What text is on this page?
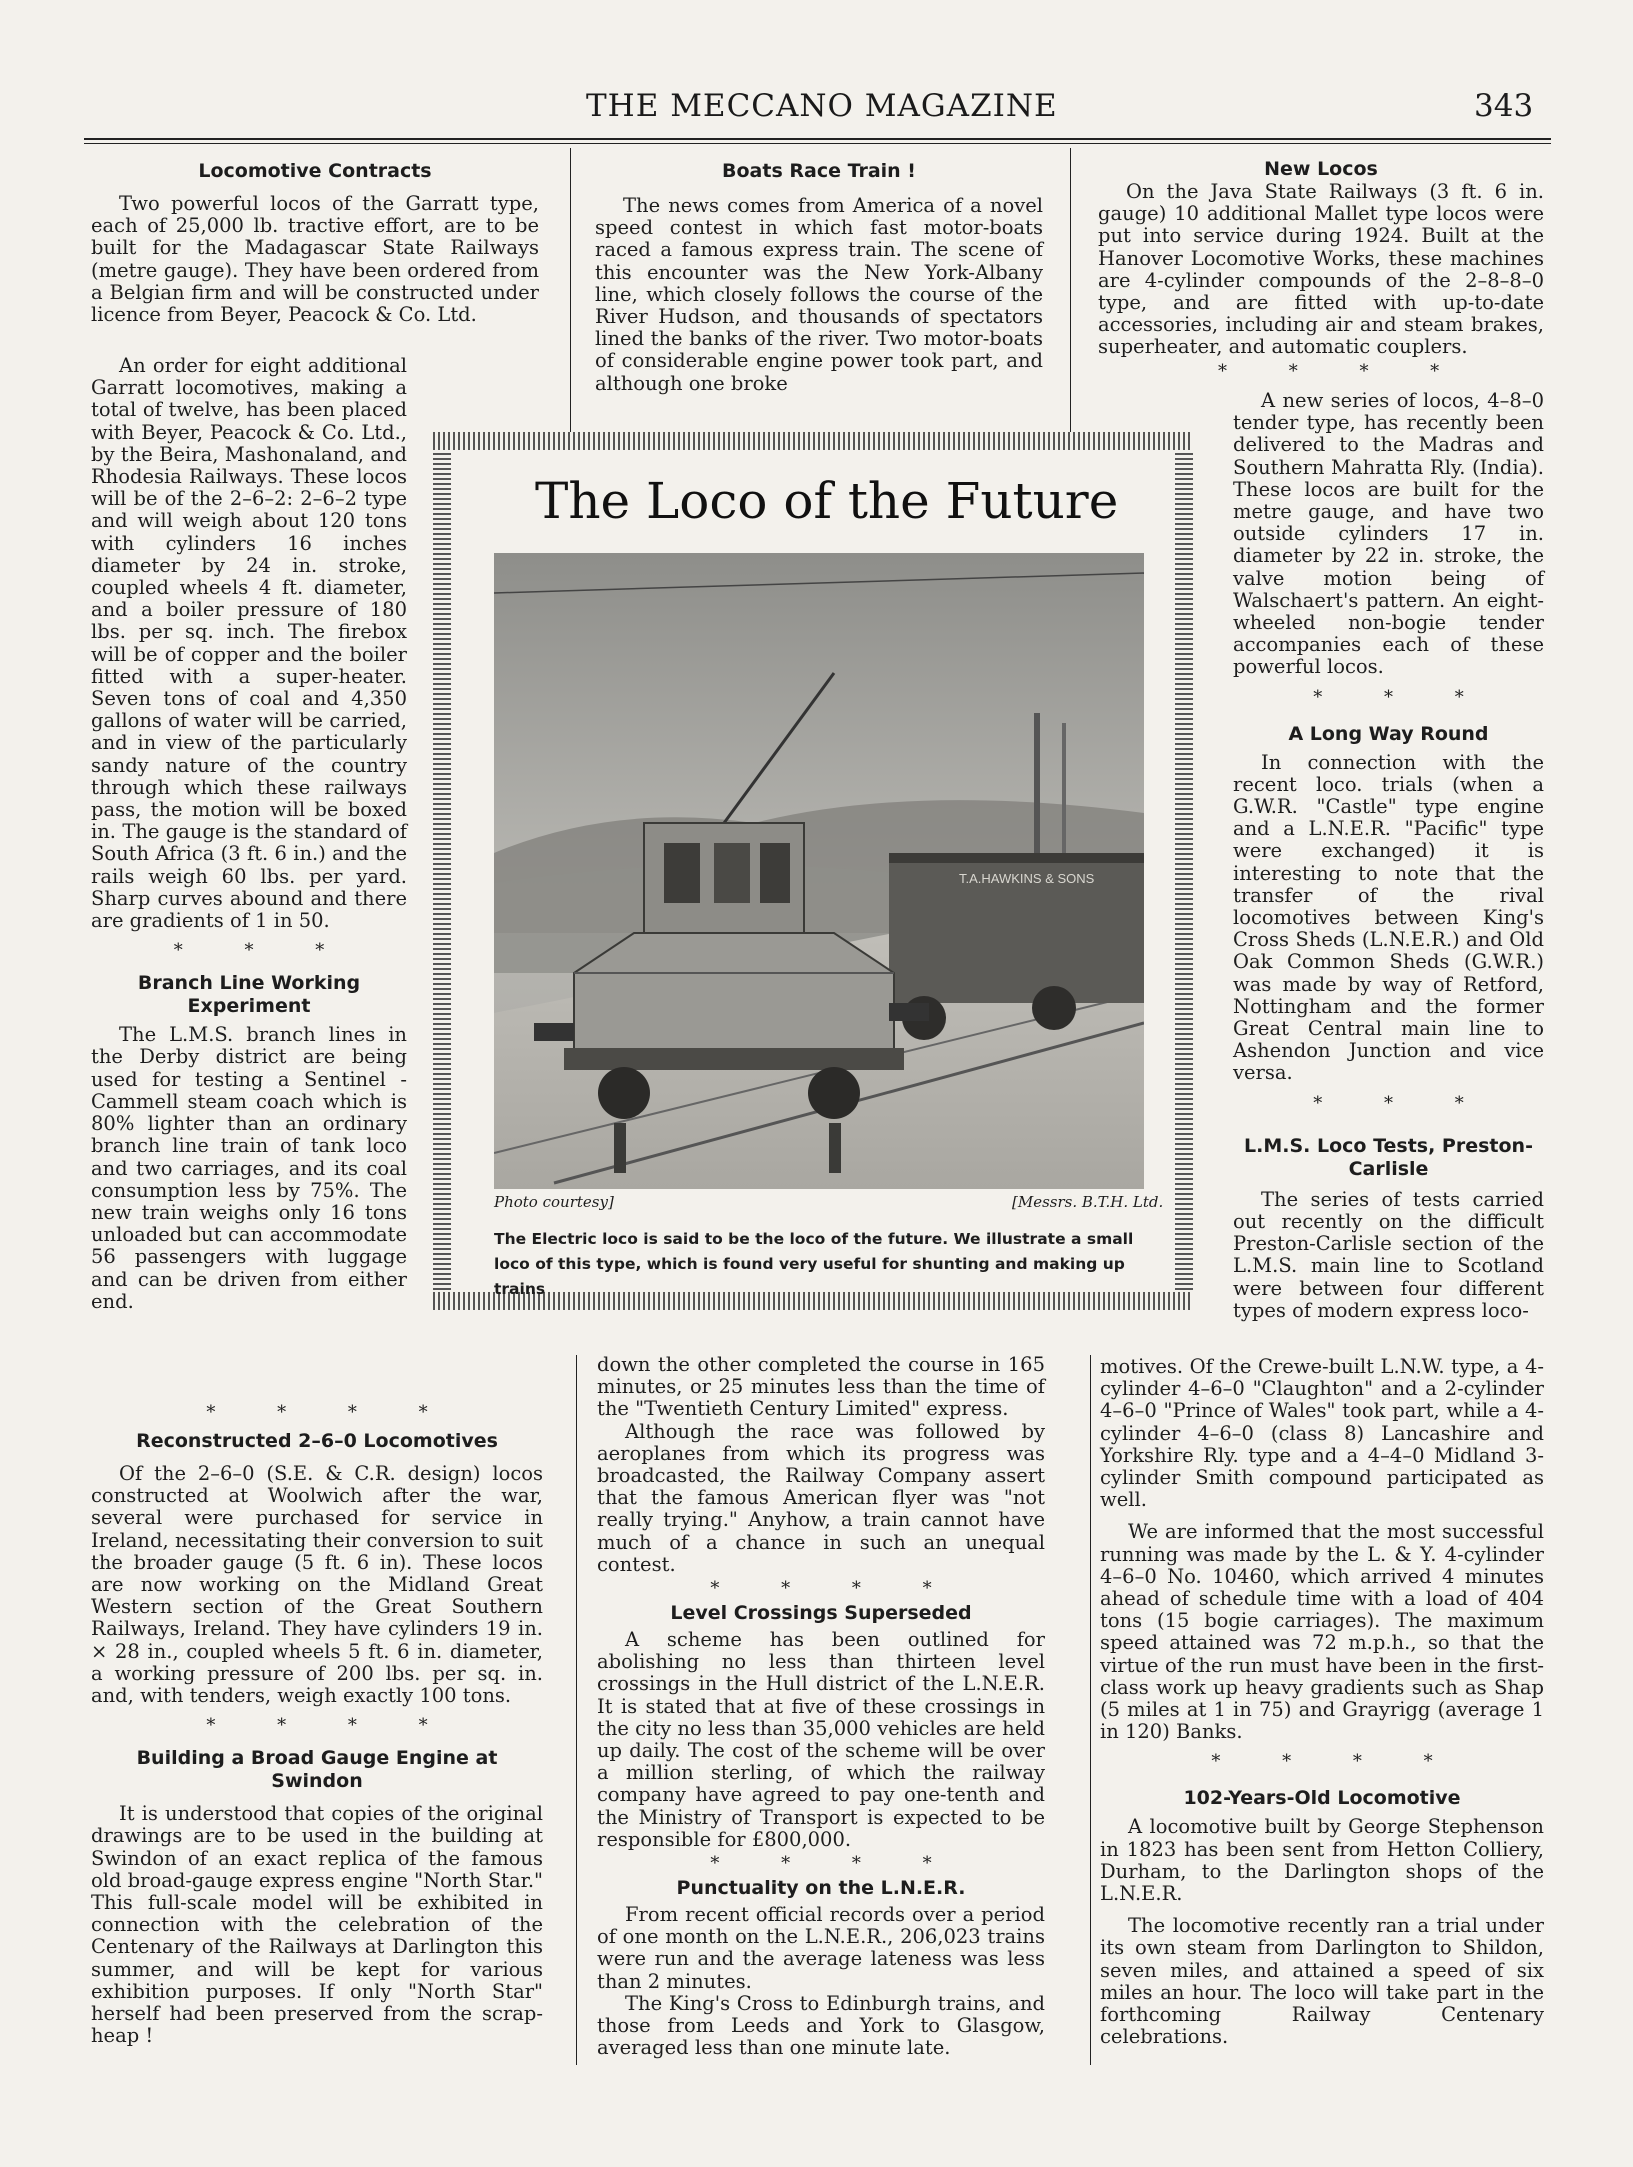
THE MECCANO MAGAZINE	343
Locomotive Contracts

Two powerful locos of the Garratt type, each of 25,000 lb. tractive effort, are to be built for the Madagascar State Railways (metre gauge). They have been ordered from a Belgian firm and will be constructed under licence from Beyer, Peacock & Co. Ltd.

An order for eight additional Garratt locomotives, making a total of twelve, has been placed with Beyer, Peacock & Co. Ltd., by the Beira, Mashonaland, and Rhodesia Railways. These locos will be of the 2–6–2: 2–6–2 type and will weigh about 120 tons with cylinders 16 inches diameter by 24 in. stroke, coupled wheels 4 ft. diameter, and a boiler pressure of 180 lbs. per sq. inch. The firebox will be of copper and the boiler fitted with a super-heater. Seven tons of coal and 4,350 gallons of water will be carried, and in view of the particularly sandy nature of the country through which these railways pass, the motion will be boxed in. The gauge is the standard of South Africa (3 ft. 6 in.) and the rails weigh 60 lbs. per yard. Sharp curves abound and there are gradients of 1 in 50.

* * *
Branch Line Working Experiment

The L.M.S. branch lines in the Derby district are being used for testing a Sentinel - Cammell steam coach which is 80% lighter than an ordinary branch line train of tank loco and two carriages, and its coal consumption less by 75%. The new train weighs only 16 tons unloaded but can accommodate 56 passengers with luggage and can be driven from either end.

* * * *
Reconstructed 2–6–0 Locomotives

Of the 2–6–0 (S.E. & C.R. design) locos constructed at Woolwich after the war, several were purchased for service in Ireland, necessitating their conversion to suit the broader gauge (5 ft. 6 in). These locos are now working on the Midland Great Western section of the Great Southern Railways, Ireland. They have cylinders 19 in. × 28 in., coupled wheels 5 ft. 6 in. diameter, a working pressure of 200 lbs. per sq. in. and, with tenders, weigh exactly 100 tons.

* * * *
Building a Broad Gauge Engine at Swindon

It is understood that copies of the original drawings are to be used in the building at Swindon of an exact replica of the famous old broad-gauge express engine "North Star." This full-scale model will be exhibited in connection with the celebration of the Centenary of the Railways at Darlington this summer, and will be kept for various exhibition purposes. If only "North Star" herself had been preserved from the scrap-heap !

Boats Race Train !

The news comes from America of a novel speed contest in which fast motor-boats raced a famous express train. The scene of this encounter was the New York-Albany line, which closely follows the course of the River Hudson, and thousands of spectators lined the banks of the river. Two motor-boats of considerable engine power took part, and although one broke

down the other completed the course in 165 minutes, or 25 minutes less than the time of the "Twentieth Century Limited" express.

Although the race was followed by aeroplanes from which its progress was broadcasted, the Railway Company assert that the famous American flyer was "not really trying." Anyhow, a train cannot have much of a chance in such an unequal contest.

* * * *
Level Crossings Superseded

A scheme has been outlined for abolishing no less than thirteen level crossings in the Hull district of the L.N.E.R. It is stated that at five of these crossings in the city no less than 35,000 vehicles are held up daily. The cost of the scheme will be over a million sterling, of which the railway company have agreed to pay one-tenth and the Ministry of Transport is expected to be responsible for £800,000.

* * * *
Punctuality on the L.N.E.R.

From recent official records over a period of one month on the L.N.E.R., 206,023 trains were run and the average lateness was less than 2 minutes.

The King's Cross to Edinburgh trains, and those from Leeds and York to Glasgow, averaged less than one minute late.

New Locos

On the Java State Railways (3 ft. 6 in. gauge) 10 additional Mallet type locos were put into service during 1924. Built at the Hanover Locomotive Works, these machines are 4-cylinder compounds of the 2–8–8–0 type, and are fitted with up-to-date accessories, including air and steam brakes, superheater, and automatic couplers.

* * * *

A new series of locos, 4–8–0 tender type, has recently been delivered to the Madras and Southern Mahratta Rly. (India). These locos are built for the metre gauge, and have two outside cylinders 17 in. diameter by 22 in. stroke, the valve motion being of Walschaert's pattern. An eight-wheeled non-bogie tender accompanies each of these powerful locos.

* * *
A Long Way Round

In connection with the recent loco. trials (when a G.W.R. "Castle" type engine and a L.N.E.R. "Pacific" type were exchanged) it is interesting to note that the transfer of the rival locomotives between King's Cross Sheds (L.N.E.R.) and Old Oak Common Sheds (G.W.R.) was made by way of Retford, Nottingham and the former Great Central main line to Ashendon Junction and vice versa.

* * *
L.M.S. Loco Tests, Preston-Carlisle

The series of tests carried out recently on the difficult Preston-Carlisle section of the L.M.S. main line to Scotland were between four different types of modern express loco-

motives. Of the Crewe-built L.N.W. type, a 4-cylinder 4–6–0 "Claughton" and a 2-cylinder 4–6–0 "Prince of Wales" took part, while a 4-cylinder 4–6–0 (class 8) Lancashire and Yorkshire Rly. type and a 4–4–0 Midland 3-cylinder Smith compound participated as well.

We are informed that the most successful running was made by the L. & Y. 4-cylinder 4–6–0 No. 10460, which arrived 4 minutes ahead of schedule time with a load of 404 tons (15 bogie carriages). The maximum speed attained was 72 m.p.h., so that the virtue of the run must have been in the first-class work up heavy gradients such as Shap (5 miles at 1 in 75) and Grayrigg (average 1 in 120) Banks.

* * * *
102-Years-Old Locomotive

A locomotive built by George Stephenson in 1823 has been sent from Hetton Colliery, Durham, to the Darlington shops of the L.N.E.R.

The locomotive recently ran a trial under its own steam from Darlington to Shildon, seven miles, and attained a speed of six miles an hour. The loco will take part in the forthcoming Railway Centenary celebrations.

The Loco of the Future
T.A.HAWKINS & SONS
Photo courtesy]	[Messrs. B.T.H. Ltd.
The Electric loco is said to be the loco of the future. We illustrate a small
loco of this type, which is found very useful for shunting and making up trains
